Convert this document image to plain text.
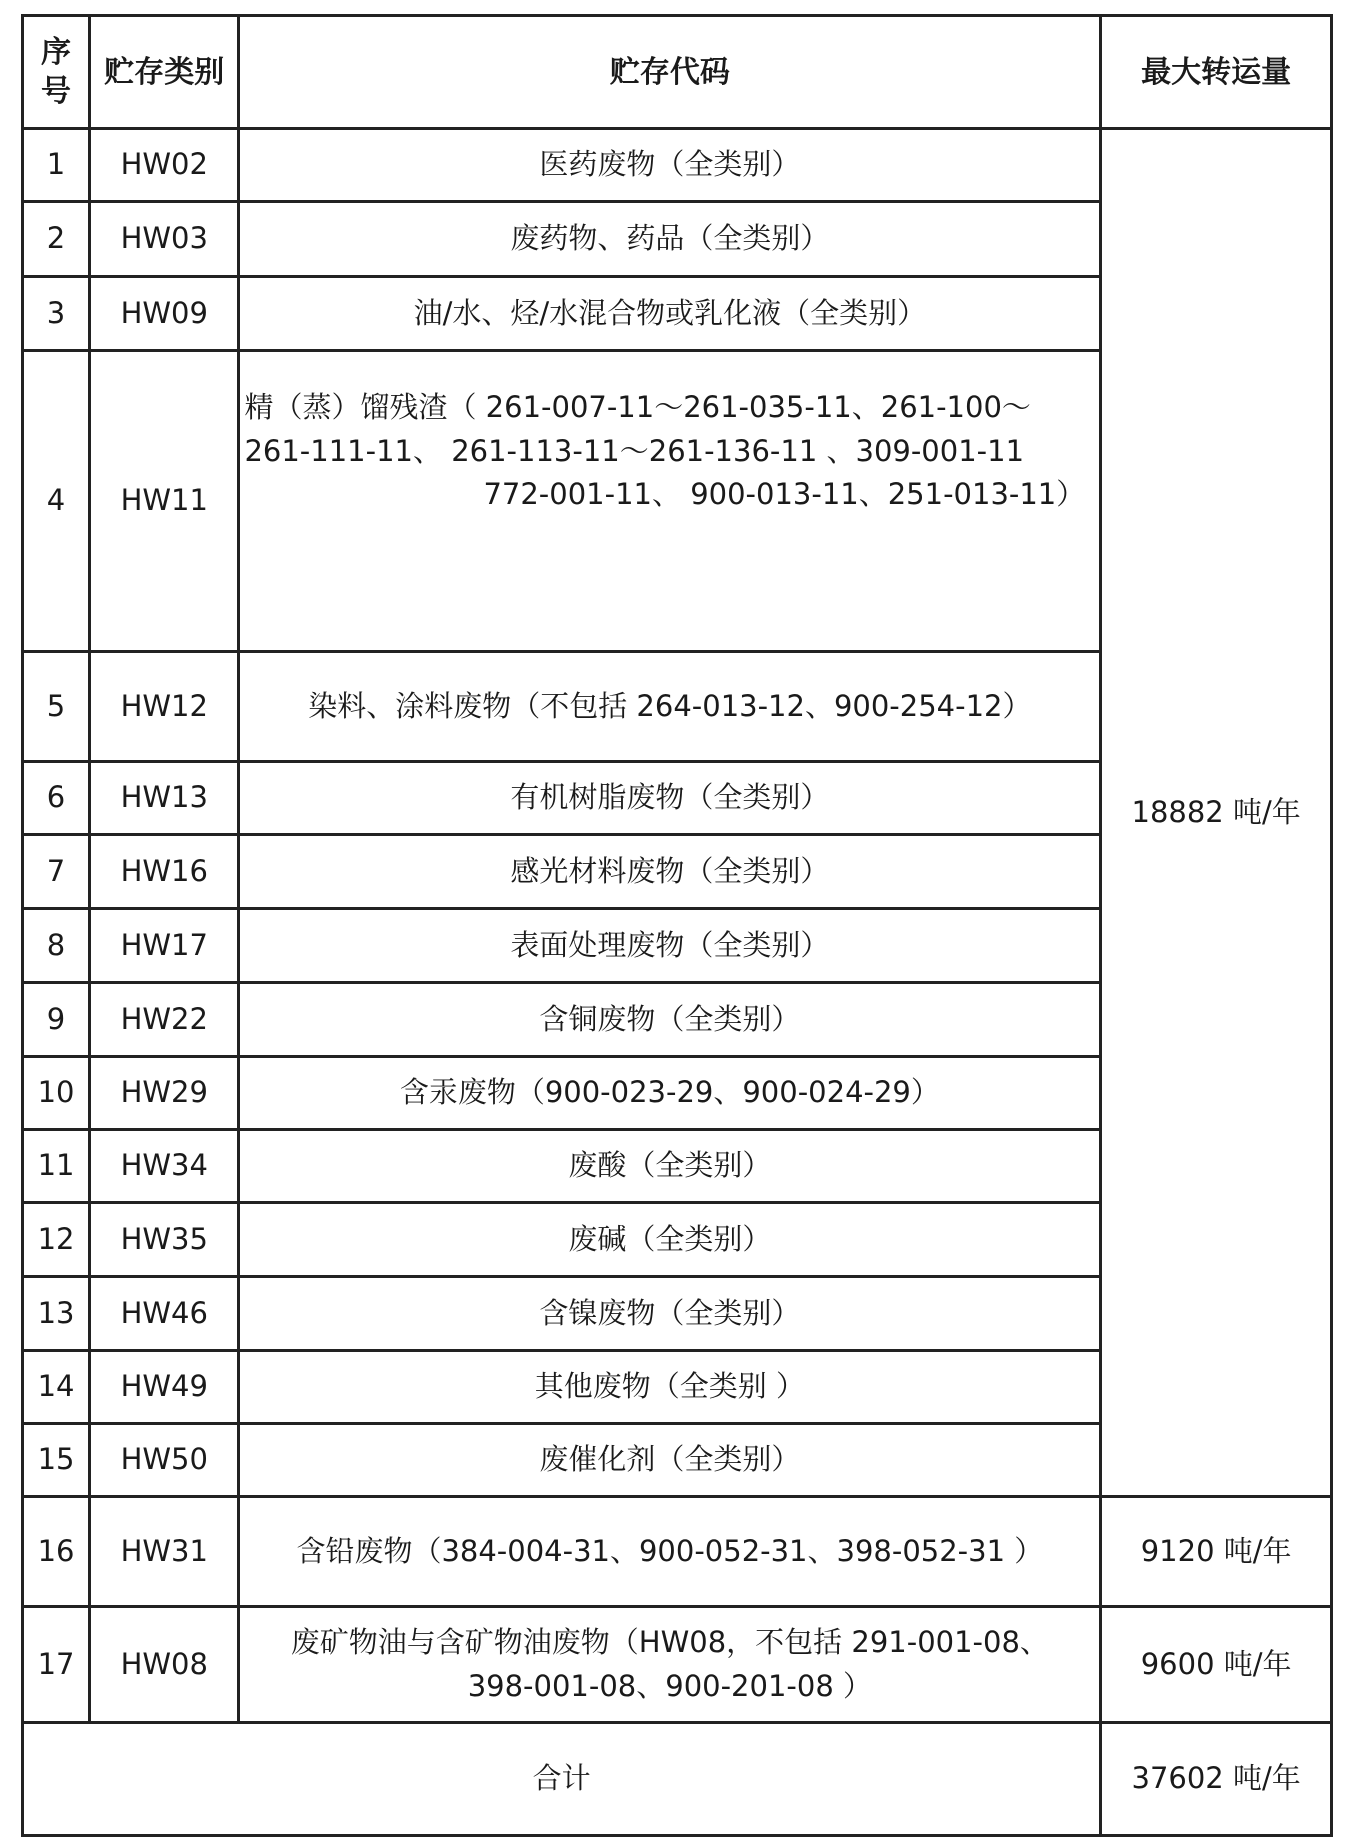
序号	贮存类别	贮存代码	最大转运量
1	HW02	医药废物（全类别）	18882 吨/年
2	HW03	废药物、药品（全类别）	
3	HW09	油/水、烃/水混合物或乳化液（全类别）	
4	HW11	精（蒸）馏残渣（ 261-007-11～261-035-11、261-100～
261-111-11、 261-113-11～261-136-11 、309-001-11
772-001-11、 900-013-11、251-013-11）	

5	HW12	染料、涂料废物（不包括 264-013-12、900-254-12）	
6	HW13	有机树脂废物（全类别）	
7	HW16	感光材料废物（全类别）	
8	HW17	表面处理废物（全类别）	
9	HW22	含铜废物（全类别）	
10	HW29	含汞废物（900-023-29、900-024-29）	
11	HW34	废酸（全类别）	
12	HW35	废碱（全类别）	
13	HW46	含镍废物（全类别）	
14	HW49	其他废物（全类别 ）	
15	HW50	废催化剂（全类别）	
16	HW31	含铅废物（384-004-31、900-052-31、398-052-31 ）	9120 吨/年
17	HW08	废矿物油与含矿物油废物（HW08，不包括 291-001-08、
398-001-08、900-201-08 ）	9600 吨/年
合计			37602 吨/年
